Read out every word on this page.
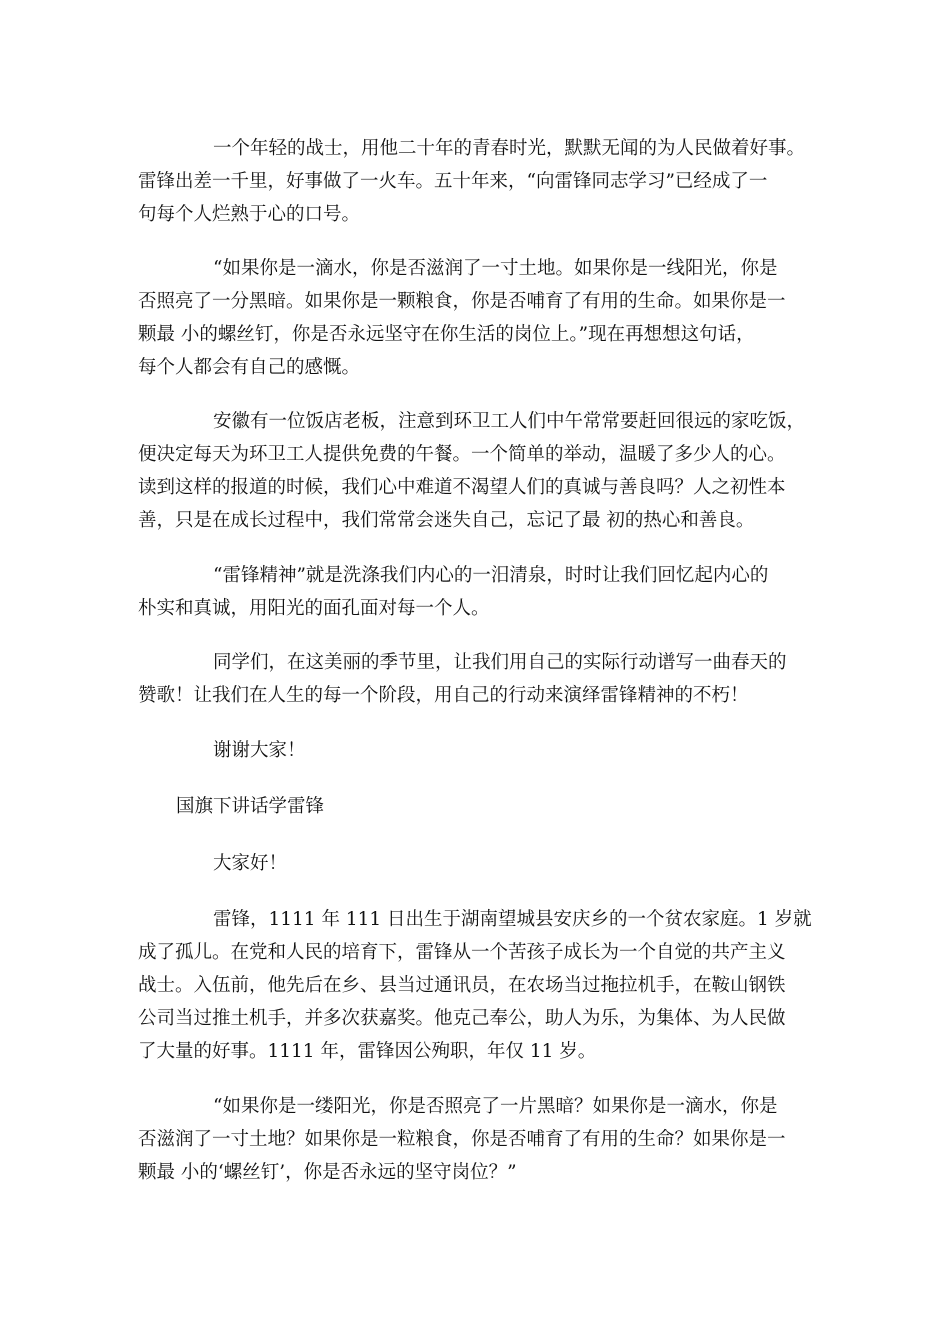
一个年轻的战士，用他二十年的青春时光，默默无闻的为人民做着好事。
雷锋出差一千里，好事做了一火车。五十年来，“向雷锋同志学习”已经成了一
句每个人烂熟于心的口号。
“如果你是一滴水，你是否滋润了一寸土地。如果你是一线阳光，你是
否照亮了一分黑暗。如果你是一颗粮食，你是否哺育了有用的生命。如果你是一
颗最 小的螺丝钉，你是否永远坚守在你生活的岗位上。”现在再想想这句话，
每个人都会有自己的感慨。
安徽有一位饭店老板，注意到环卫工人们中午常常要赶回很远的家吃饭，
便决定每天为环卫工人提供免费的午餐。一个简单的举动，温暖了多少人的心。
读到这样的报道的时候，我们心中难道不渴望人们的真诚与善良吗？人之初性本
善，只是在成长过程中，我们常常会迷失自己，忘记了最 初的热心和善良。
“雷锋精神”就是洗涤我们内心的一汨清泉，时时让我们回忆起内心的
朴实和真诚，用阳光的面孔面对每一个人。
同学们，在这美丽的季节里，让我们用自己的实际行动谱写一曲春天的
赞歌！让我们在人生的每一个阶段，用自己的行动来演绎雷锋精神的不朽！
谢谢大家！
国旗下讲话学雷锋
大家好！
雷锋，1111 年 111 日出生于湖南望城县安庆乡的一个贫农家庭。1 岁就
成了孤儿。在党和人民的培育下，雷锋从一个苦孩子成长为一个自觉的共产主义
战士。入伍前，他先后在乡、县当过通讯员，在农场当过拖拉机手，在鞍山钢铁
公司当过推土机手，并多次获嘉奖。他克己奉公，助人为乐，为集体、为人民做
了大量的好事。1111 年，雷锋因公殉职，年仅 11 岁。
“如果你是一缕阳光，你是否照亮了一片黑暗？如果你是一滴水，你是
否滋润了一寸土地？如果你是一粒粮食，你是否哺育了有用的生命？如果你是一
颗最 小的‘螺丝钉’，你是否永远的坚守岗位？”
